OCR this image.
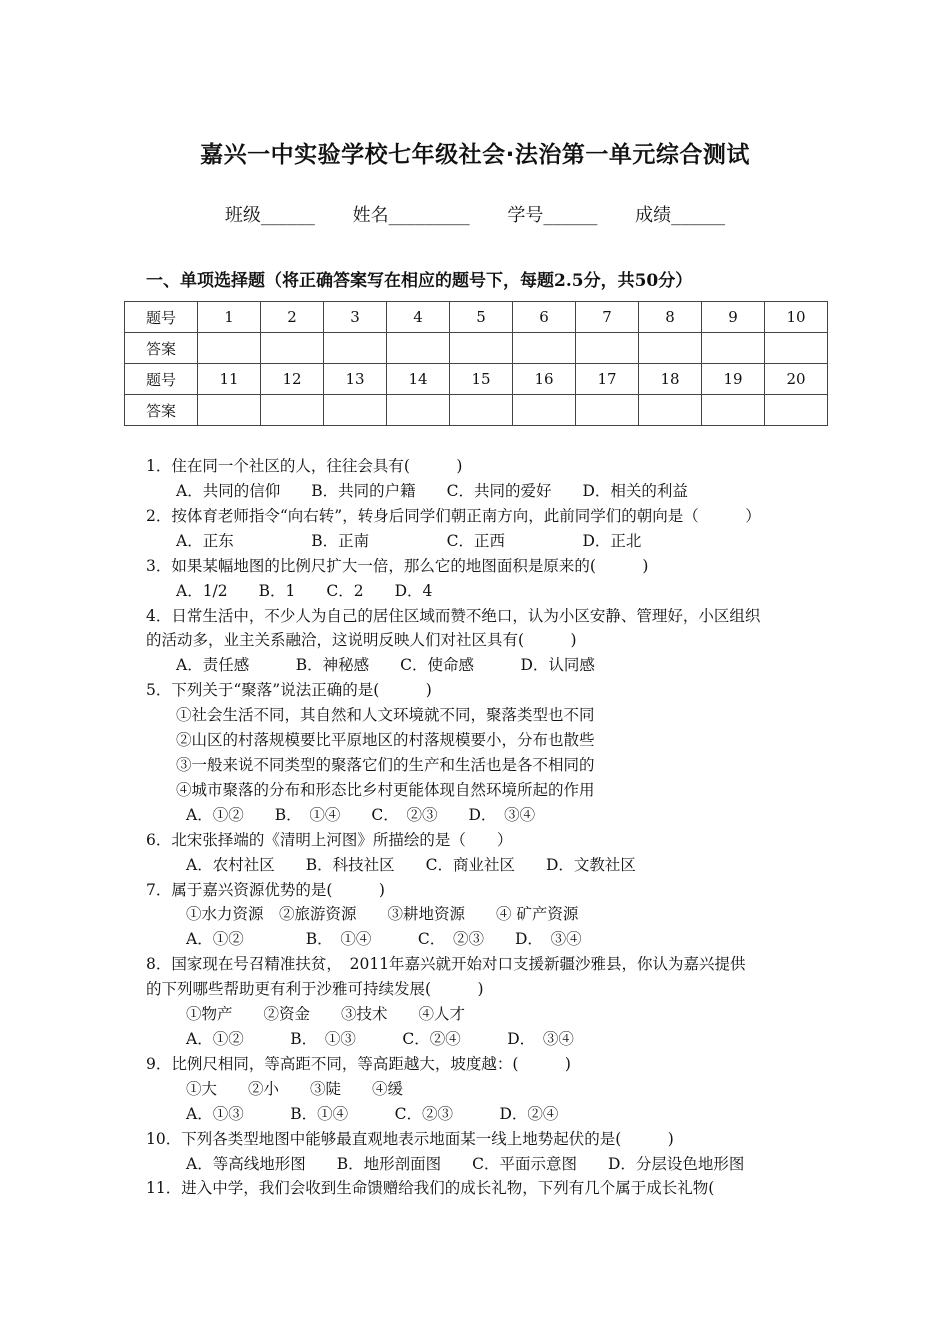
嘉兴一中实验学校七年级社会·法治第一单元综合测试
班级______ 姓名_________ 学号______ 成绩______
一、单项选择题（将正确答案写在相应的题号下，每题2.5分，共50分）
题号	1	2	3	4	5	6	7	8	9	10
答案										
题号	11	12	13	14	15	16	17	18	19	20
答案										
1．住在同一个社区的人，往往会具有(　　　)
A．共同的信仰　　B．共同的户籍　　C．共同的爱好　　D．相关的利益
2．按体育老师指令“向右转”，转身后同学们朝正南方向，此前同学们的朝向是（　　　）
A．正东　　　　　B．正南　　　　　C．正西　　　　　D．正北
3．如果某幅地图的比例尺扩大一倍，那么它的地图面积是原来的(　　　)
A．1/2　　B．1　　C．2　　D．4
4．日常生活中，不少人为自己的居住区域而赞不绝口，认为小区安静、管理好，小区组织
的活动多，业主关系融洽，这说明反映人们对社区具有(　　　)
A．责任感　　　B．神秘感　　C．使命感　　　D．认同感
5．下列关于“聚落”说法正确的是(　　　)
①社会生活不同，其自然和人文环境就不同，聚落类型也不同
②山区的村落规模要比平原地区的村落规模要小，分布也散些
③一般来说不同类型的聚落它们的生产和生活也是各不相同的
④城市聚落的分布和形态比乡村更能体现自然环境所起的作用
A．①②　　B．　①④　　C．　②③　　D．　③④
6．北宋张择端的《清明上河图》所描绘的是（　　）
A．农村社区　　B．科技社区　　C．商业社区　　D．文教社区
7．属于嘉兴资源优势的是(　　　)
①水力资源　②旅游资源　　③耕地资源　　④ 矿产资源
A．①②　　　　B．　①④　　　C．　②③　　D．　③④
8．国家现在号召精准扶贫，　2011年嘉兴就开始对口支援新疆沙雅县，你认为嘉兴提供
的下列哪些帮助更有利于沙雅可持续发展(　　　)
①物产　　②资金　　③技术　　④人才
A．①②　　　B．　①③　　　C．②④　　　D．　③④
9．比例尺相同，等高距不同，等高距越大，坡度越：(　　　)
①大　　②小　　③陡　　④缓
A．①③　　　B．①④　　　C．②③　　　D．②④
10．下列各类型地图中能够最直观地表示地面某一线上地势起伏的是(　　　)
A．等高线地形图　　B．地形剖面图　　C．平面示意图　　D．分层设色地形图
11．进入中学，我们会收到生命馈赠给我们的成长礼物，下列有几个属于成长礼物(
